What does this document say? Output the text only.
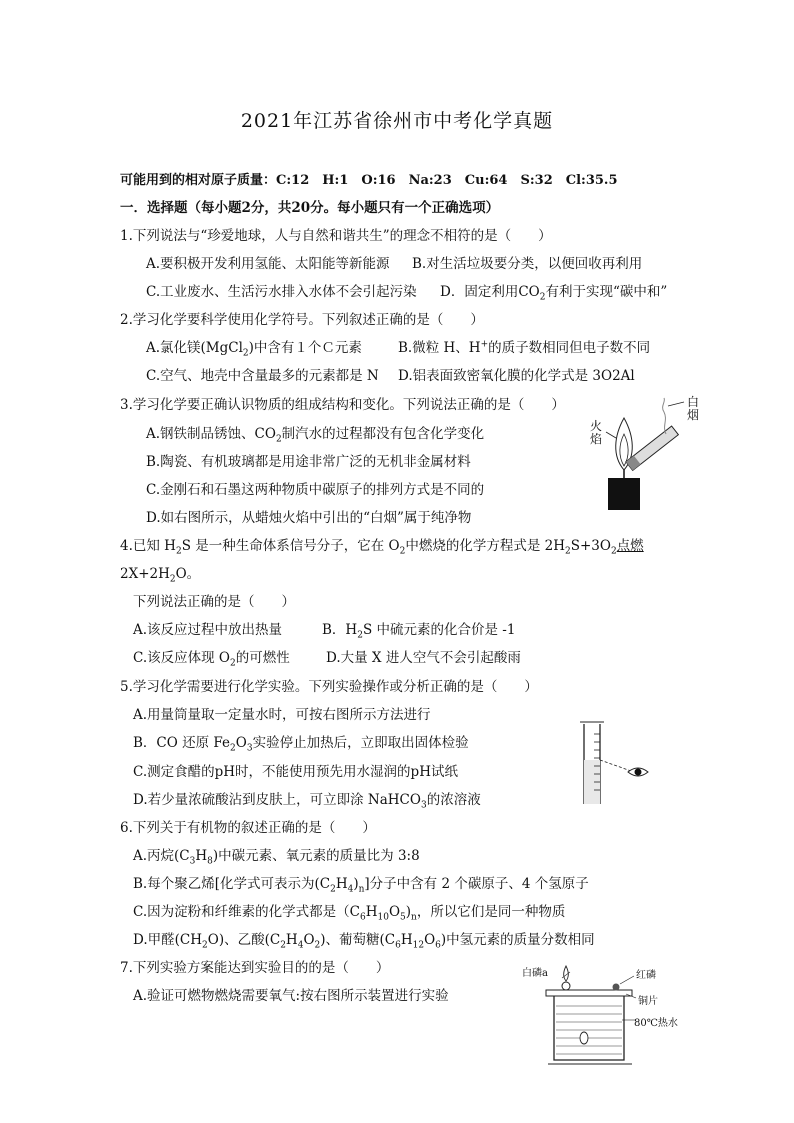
2021年江苏省徐州市中考化学真题
可能用到的相对原子质量：C:12　H:1　O:16　Na:23　Cu:64　S:32　Cl:35.5
一．选择题（每小题2分，共20分。每小题只有一个正确选项）
1.下列说法与“珍爱地球，人与自然和谐共生”的理念不相符的是（　　）
A.要积极开发利用氢能、太阳能等新能源 B.对生活垃圾要分类，以便回收再利用
C.工业废水、生活污水排入水体不会引起污染 D．固定利用$CO_2$有利于实现“碳中和”
2.学习化学要科学使用化学符号。下列叙述正确的是（　　）
A.氯化镁(MgCl$_2$)中含有１个Ｃ元素	B.微粒 H、H+的质子数相同但电子数不同
C.空气、地壳中含量最多的元素都是 N D.铝表面致密氧化膜的化学式是 3O2Al
3.学习化学要正确认识物质的组成结构和变化。下列说法正确的是（　　）
A.钢铁制品锈蚀、$CO_2$制汽水的过程都没有包含化学变化
B.陶瓷、有机玻璃都是用途非常广泛的无机非金属材料
C.金刚石和石墨这两种物质中碳原子的排列方式是不同的
D.如右图所示，从蜡烛火焰中引出的“白烟”属于纯净物
白烟
火焰
4.已知 $H_2S$ 是一种生命体系信号分子，它在 $O_2$中燃烧的化学方程式是 $2H_2S+3O_2$点燃
$2X+2H_2O$。
下列说法正确的是（　　）
A.该反应过程中放出热量	B．$H_2S$ 中硫元素的化合价是 -1
C.该反应体现 $O_2$的可燃性	D.大量 X 进人空气不会引起酸雨
5.学习化学需要进行化学实验。下列实验操作或分析正确的是（　　）
A.用量筒量取一定量水时，可按右图所示方法进行
B．CO 还原 $Fe_2O_3$实验停止加热后，立即取出固体检验
C.测定食醋的pH时，不能使用预先用水湿润的pH试纸
D.若少量浓硫酸沾到皮肤上，可立即涂 NaHCO$_3$的浓溶液
6.下列关于有机物的叙述正确的是（　　）
A.丙烷$(C_3H_8)$中碳元素、氧元素的质量比为 3:8
B.每个聚乙烯[化学式可表示为$(C_2H_4)_n$]分子中含有 2 个碳原子、4 个氢原子
C.因为淀粉和纤维素的化学式都是$(C_6H_{10}O_5)_n$，所以它们是同一种物质
D.甲醛$(CH_2O)$、乙酸$(C_2H_4O_2)$、葡萄糖$(C_6H_{12}O_6)$中氢元素的质量分数相同
7.下列实验方案能达到实验目的的是（　　）
A.验证可燃物燃烧需要氧气:按右图所示装置进行实验
白磷a	红磷
铜片
80℃热水
